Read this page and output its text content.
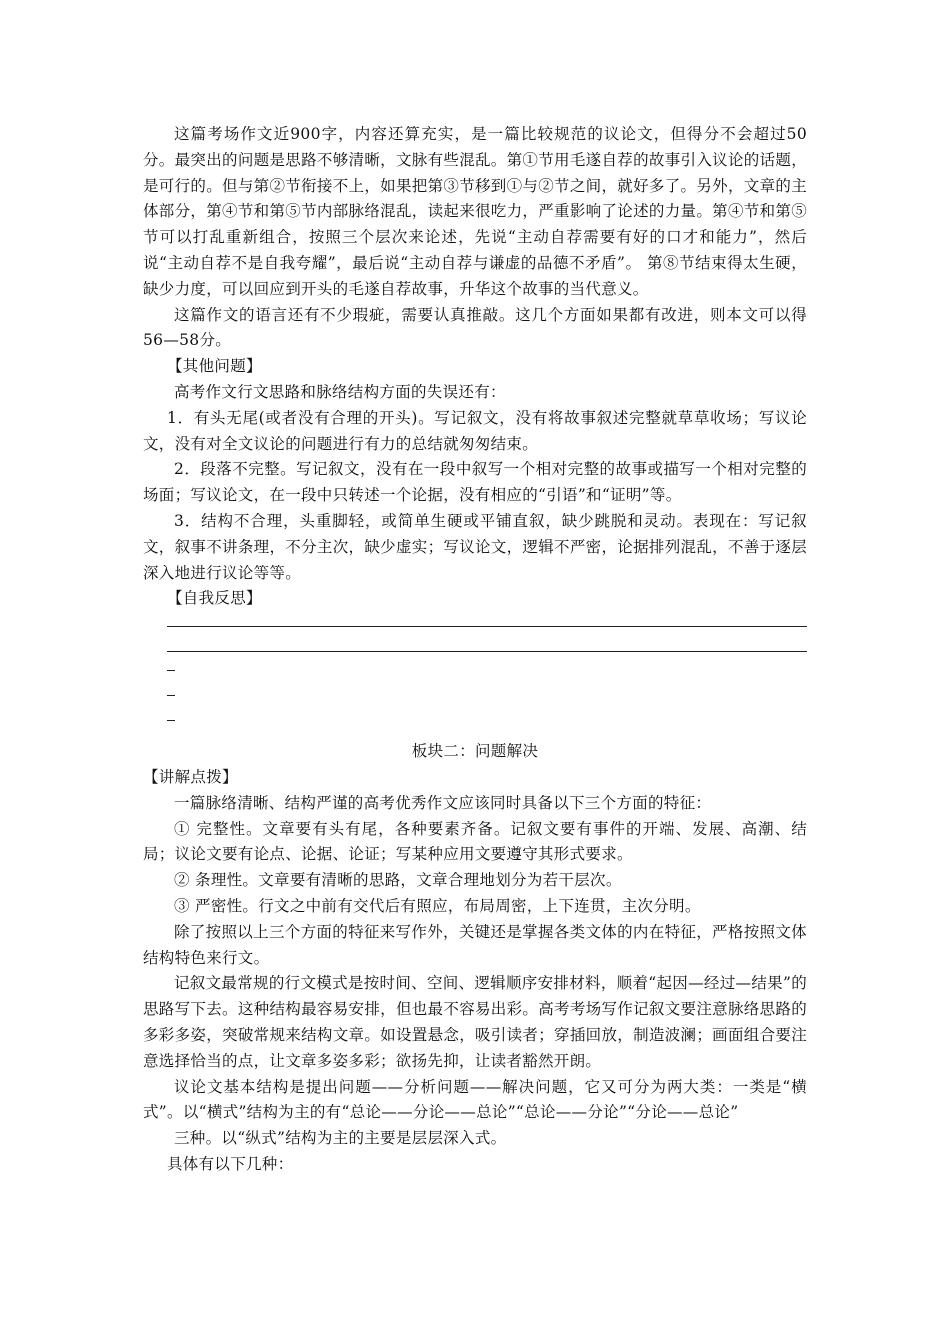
这篇考场作文近900字，内容还算充实，是一篇比较规范的议论文，但得分不会超过50分。最突出的问题是思路不够清晰，文脉有些混乱。第①节用毛遂自荐的故事引入议论的话题，是可行的。但与第②节衔接不上，如果把第③节移到①与②节之间，就好多了。另外，文章的主体部分，第④节和第⑤节内部脉络混乱，读起来很吃力，严重影响了论述的力量。第④节和第⑤节可以打乱重新组合，按照三个层次来论述，先说“主动自荐需要有好的口才和能力”，然后说“主动自荐不是自我夸耀”，最后说“主动自荐与谦虚的品德不矛盾”。 第⑧节结束得太生硬，缺少力度，可以回应到开头的毛遂自荐故事，升华这个故事的当代意义。

这篇作文的语言还有不少瑕疵，需要认真推敲。这几个方面如果都有改进，则本文可以得56—58分。

【其他问题】

高考作文行文思路和脉络结构方面的失误还有：

1．有头无尾(或者没有合理的开头)。写记叙文，没有将故事叙述完整就草草收场；写议论文，没有对全文议论的问题进行有力的总结就匆匆结束。

2．段落不完整。写记叙文，没有在一段中叙写一个相对完整的故事或描写一个相对完整的场面；写议论文，在一段中只转述一个论据，没有相应的“引语”和“证明”等。

3．结构不合理，头重脚轻，或简单生硬或平铺直叙，缺少跳脱和灵动。表现在：写记叙文，叙事不讲条理，不分主次，缺少虚实；写议论文，逻辑不严密，论据排列混乱，不善于逐层深入地进行议论等等。

【自我反思】

板块二：问题解决

【讲解点拨】

一篇脉络清晰、结构严谨的高考优秀作文应该同时具备以下三个方面的特征：

① 完整性。文章要有头有尾，各种要素齐备。记叙文要有事件的开端、发展、高潮、结局；议论文要有论点、论据、论证；写某种应用文要遵守其形式要求。

② 条理性。文章要有清晰的思路，文章合理地划分为若干层次。

③ 严密性。行文之中前有交代后有照应，布局周密，上下连贯，主次分明。

除了按照以上三个方面的特征来写作外，关键还是掌握各类文体的内在特征，严格按照文体结构特色来行文。

记叙文最常规的行文模式是按时间、空间、逻辑顺序安排材料，顺着“起因—经过—结果”的思路写下去。这种结构最容易安排，但也最不容易出彩。高考考场写作记叙文要注意脉络思路的多彩多姿，突破常规来结构文章。如设置悬念，吸引读者；穿插回放，制造波澜；画面组合要注意选择恰当的点，让文章多姿多彩；欲扬先抑，让读者豁然开朗。

议论文基本结构是提出问题——分析问题——解决问题，它又可分为两大类：一类是“横式”。以“横式”结构为主的有“总论——分论——总论”“总论——分论”“分论——总论”

三种。以“纵式”结构为主的主要是层层深入式。

具体有以下几种：
